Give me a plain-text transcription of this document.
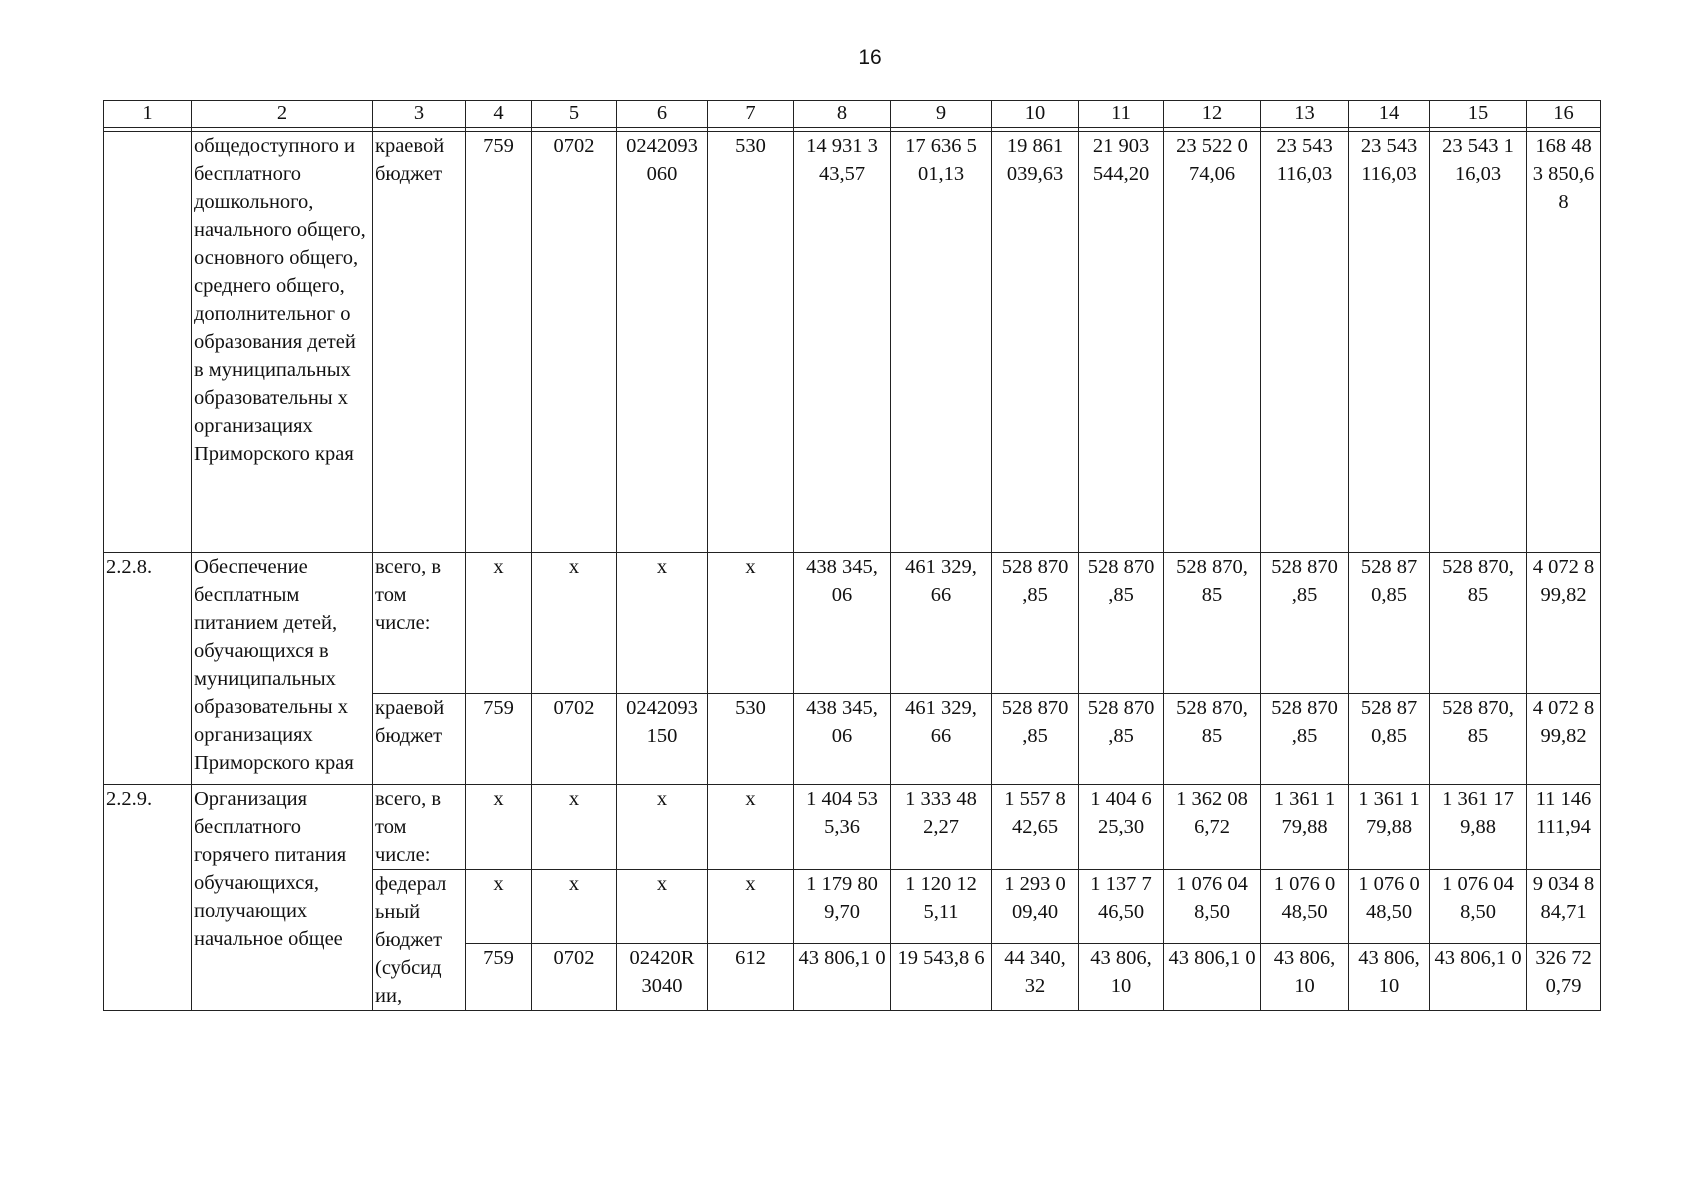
16
1	2	3	4	5	6	7	8	9	10	11	12	13	14	15	16

	общедоступного и бесплатного дошкольного, начального общего, основного общего, среднего общего, дополнительног о образования детей в муниципальных образовательны х организациях Приморского края	краевой бюджет	759	0702	0242093 060	530	14 931 3 43,57	17 636 5 01,13	19 861 039,63	21 903 544,20	23 522 0 74,06	23 543 116,03	23 543 116,03	23 543 1 16,03	168 48 3 850,6 8
2.2.8.	Обеспечение бесплатным питанием детей, обучающихся в муниципальных образовательны х организациях Приморского края	всего, в том числе:	х	х	х	х	438 345, 06	461 329, 66	528 870 ,85	528 870 ,85	528 870, 85	528 870 ,85	528 87 0,85	528 870, 85	4 072 8 99,82
		краевой бюджет	759	0702	0242093 150	530	438 345, 06	461 329, 66	528 870 ,85	528 870 ,85	528 870, 85	528 870 ,85	528 87 0,85	528 870, 85	4 072 8 99,82
2.2.9.	Организация бесплатного горячего питания обучающихся, получающих начальное общее	всего, в том числе:	х	х	х	х	1 404 53 5,36	1 333 48 2,27	1 557 8 42,65	1 404 6 25,30	1 362 08 6,72	1 361 1 79,88	1 361 1 79,88	1 361 17 9,88	11 146 111,94
		федерал ьный бюджет (субсид ии,	х	х	х	х	1 179 80 9,70	1 120 12 5,11	1 293 0 09,40	1 137 7 46,50	1 076 04 8,50	1 076 0 48,50	1 076 0 48,50	1 076 04 8,50	9 034 8 84,71
			759	0702	02420R 3040	612	43 806,1 0	19 543,8 6	44 340, 32	43 806, 10	43 806,1 0	43 806, 10	43 806, 10	43 806,1 0	326 72 0,79
